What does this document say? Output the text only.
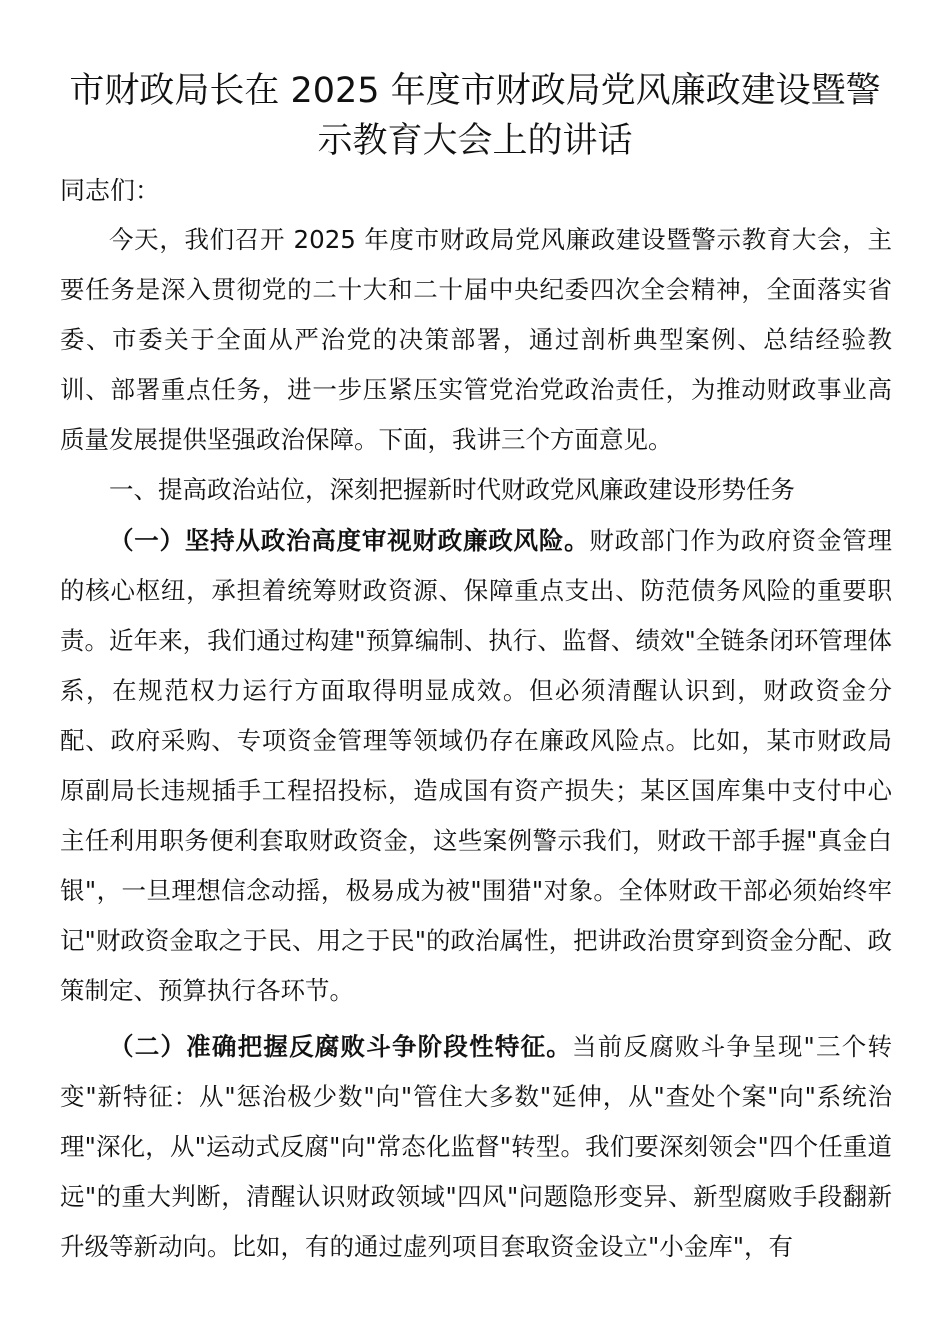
市财政局长在 2025 年度市财政局党风廉政建设暨警
示教育大会上的讲话

同志们：

今天，我们召开 2025 年度市财政局党风廉政建设暨警示教育大会，主要任务是深入贯彻党的二十大和二十届中央纪委四次全会精神，全面落实省委、市委关于全面从严治党的决策部署，通过剖析典型案例、总结经验教训、部署重点任务，进一步压紧压实管党治党政治责任，为推动财政事业高质量发展提供坚强政治保障。下面，我讲三个方面意见。

一、提高政治站位，深刻把握新时代财政党风廉政建设形势任务

（一）坚持从政治高度审视财政廉政风险。财政部门作为政府资金管理的核心枢纽，承担着统筹财政资源、保障重点支出、防范债务风险的重要职责。近年来，我们通过构建"预算编制、执行、监督、绩效"全链条闭环管理体系，在规范权力运行方面取得明显成效。但必须清醒认识到，财政资金分配、政府采购、专项资金管理等领域仍存在廉政风险点。比如，某市财政局原副局长违规插手工程招投标，造成国有资产损失；某区国库集中支付中心主任利用职务便利套取财政资金，这些案例警示我们，财政干部手握"真金白银"，一旦理想信念动摇，极易成为被"围猎"对象。全体财政干部必须始终牢记"财政资金取之于民、用之于民"的政治属性，把讲政治贯穿到资金分配、政策制定、预算执行各环节。

（二）准确把握反腐败斗争阶段性特征。当前反腐败斗争呈现"三个转变"新特征：从"惩治极少数"向"管住大多数"延伸，从"查处个案"向"系统治理"深化，从"运动式反腐"向"常态化监督"转型。我们要深刻领会"四个任重道远"的重大判断，清醒认识财政领域"四风"问题隐形变异、新型腐败手段翻新升级等新动向。比如，有的通过虚列项目套取资金设立"小金库"，有
